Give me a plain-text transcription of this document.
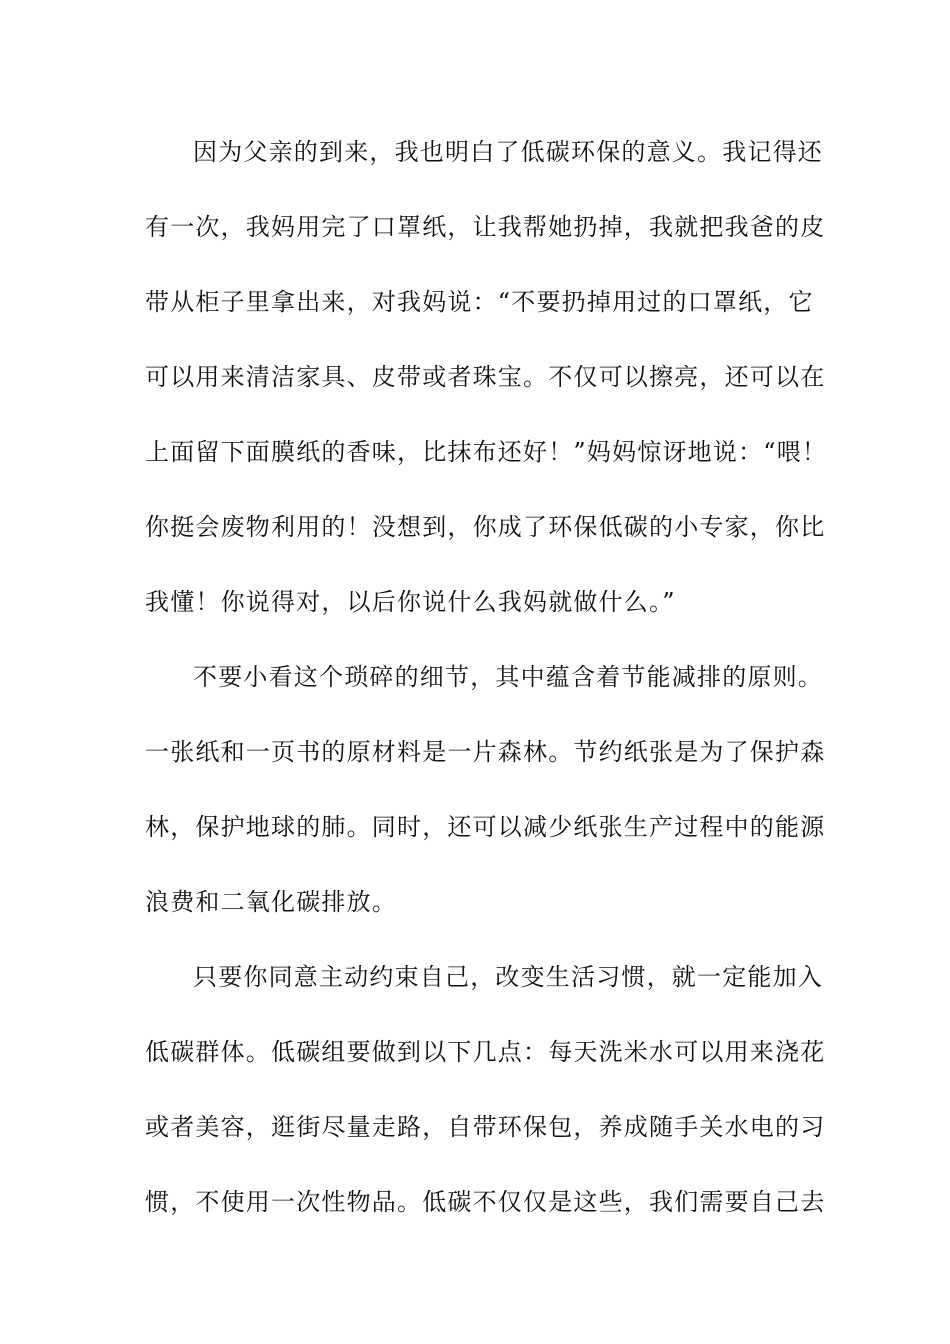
因为父亲的到来，我也明白了低碳环保的意义。我记得还

有一次，我妈用完了口罩纸，让我帮她扔掉，我就把我爸的皮

带从柜子里拿出来，对我妈说：“不要扔掉用过的口罩纸，它

可以用来清洁家具、皮带或者珠宝。不仅可以擦亮，还可以在

上面留下面膜纸的香味，比抹布还好！”妈妈惊讶地说：“喂！

你挺会废物利用的！没想到，你成了环保低碳的小专家，你比

我懂！你说得对，以后你说什么我妈就做什么。”

不要小看这个琐碎的细节，其中蕴含着节能减排的原则。

一张纸和一页书的原材料是一片森林。节约纸张是为了保护森

林，保护地球的肺。同时，还可以减少纸张生产过程中的能源

浪费和二氧化碳排放。

只要你同意主动约束自己，改变生活习惯，就一定能加入

低碳群体。低碳组要做到以下几点：每天洗米水可以用来浇花

或者美容，逛街尽量走路，自带环保包，养成随手关水电的习

惯，不使用一次性物品。低碳不仅仅是这些，我们需要自己去
